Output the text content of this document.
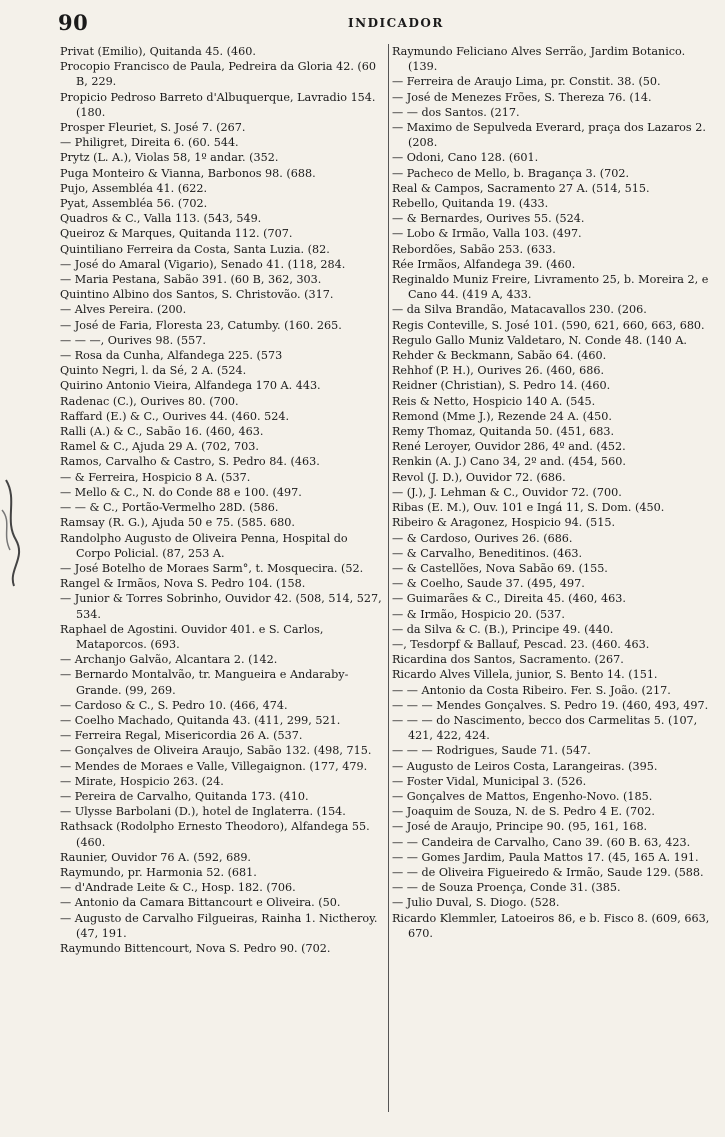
90	INDICADOR

Privat (Emilio), Quitanda 45. (460.

Procopio Francisco de Paula, Pedreira da Gloria 42. (60 B, 229.

Propicio Pedroso Barreto d'Albuquerque, Lavradio 154. (180.

Prosper Fleuriet, S. José 7. (267.

— Philigret, Direita 6. (60. 544.

Prytz (L. A.), Violas 58, 1º andar. (352.

Puga Monteiro & Vianna, Barbonos 98. (688.

Pujo, Assembléa 41. (622.

Pyat, Assembléa 56. (702.

Quadros & C., Valla 113. (543, 549.

Queiroz & Marques, Quitanda 112. (707.

Quintiliano Ferreira da Costa, Santa Luzia. (82.

— José do Amaral (Vigario), Senado 41. (118, 284.

— Maria Pestana, Sabão 391. (60 B, 362, 303.

Quintino Albino dos Santos, S. Christovão. (317.

— Alves Pereira. (200.

— José de Faria, Floresta 23, Catumby. (160. 265.

— — —, Ourives 98. (557.

— Rosa da Cunha, Alfandega 225. (573

Quinto Negri, l. da Sé, 2 A. (524.

Quirino Antonio Vieira, Alfandega 170 A. 443.

Radenac (C.), Ourives 80. (700.

Raffard (E.) & C., Ourives 44. (460. 524.

Ralli (A.) & C., Sabão 16. (460, 463.

Ramel & C., Ajuda 29 A. (702, 703.

Ramos, Carvalho & Castro, S. Pedro 84. (463.

— & Ferreira, Hospicio 8 A. (537.

— Mello & C., N. do Conde 88 e 100. (497.

— — & C., Portão-Vermelho 28D. (586.

Ramsay (R. G.), Ajuda 50 e 75. (585. 680.

Randolpho Augusto de Oliveira Penna, Hospital do Corpo Policial. (87, 253 A.

— José Botelho de Moraes Sarm°, t. Mosquecira. (52.

Rangel & Irmãos, Nova S. Pedro 104. (158.

— Junior & Torres Sobrinho, Ouvidor 42. (508, 514, 527, 534.

Raphael de Agostini. Ouvidor 401. e S. Carlos, Mataporcos. (693.

— Archanjo Galvão, Alcantara 2. (142.

— Bernardo Montalvão, tr. Mangueira e Andaraby-Grande. (99, 269.

— Cardoso & C., S. Pedro 10. (466, 474.

— Coelho Machado, Quitanda 43. (411, 299, 521.

— Ferreira Regal, Misericordia 26 A. (537.

— Gonçalves de Oliveira Araujo, Sabão 132. (498, 715.

— Mendes de Moraes e Valle, Villegaignon. (177, 479.

— Mirate, Hospicio 263. (24.

— Pereira de Carvalho, Quitanda 173. (410.

— Ulysse Barbolani (D.), hotel de Inglaterra. (154.

Rathsack (Rodolpho Ernesto Theodoro), Alfandega 55. (460.

Raunier, Ouvidor 76 A. (592, 689.

Raymundo, pr. Harmonia 52. (681.

— d'Andrade Leite & C., Hosp. 182. (706.

— Antonio da Camara Bittancourt e Oliveira. (50.

— Augusto de Carvalho Filgueiras, Rainha 1. Nictheroy. (47, 191.

Raymundo Bittencourt, Nova S. Pedro 90. (702.

Raymundo Feliciano Alves Serrão, Jardim Botanico. (139.

— Ferreira de Araujo Lima, pr. Constit. 38. (50.

— José de Menezes Frões, S. Thereza 76. (14.

— — dos Santos. (217.

— Maximo de Sepulveda Everard, praça dos Lazaros 2. (208.

— Odoni, Cano 128. (601.

— Pacheco de Mello, b. Bragança 3. (702.

Real & Campos, Sacramento 27 A. (514, 515.

Rebello, Quitanda 19. (433.

— & Bernardes, Ourives 55. (524.

— Lobo & Irmão, Valla 103. (497.

Rebordões, Sabão 253. (633.

Rée Irmãos, Alfandega 39. (460.

Reginaldo Muniz Freire, Livramento 25, b. Moreira 2, e Cano 44. (419 A, 433.

— da Silva Brandão, Matacavallos 230. (206.

Regis Conteville, S. José 101. (590, 621, 660, 663, 680.

Regulo Gallo Muniz Valdetaro, N. Conde 48. (140 A.

Rehder & Beckmann, Sabão 64. (460.

Rehhof (P. H.), Ourives 26. (460, 686.

Reidner (Christian), S. Pedro 14. (460.

Reis & Netto, Hospicio 140 A. (545.

Remond (Mme J.), Rezende 24 A. (450.

Remy Thomaz, Quitanda 50. (451, 683.

René Leroyer, Ouvidor 286, 4º and. (452.

Renkin (A. J.) Cano 34, 2º and. (454, 560.

Revol (J. D.), Ouvidor 72. (686.

— (J.), J. Lehman & C., Ouvidor 72. (700.

Ribas (E. M.), Ouv. 101 e Ingá 11, S. Dom. (450.

Ribeiro & Aragonez, Hospicio 94. (515.

— & Cardoso, Ourives 26. (686.

— & Carvalho, Beneditinos. (463.

— & Castellões, Nova Sabão 69. (155.

— & Coelho, Saude 37. (495, 497.

— Guimarães & C., Direita 45. (460, 463.

— & Irmão, Hospicio 20. (537.

— da Silva & C. (B.), Principe 49. (440.

—, Tesdorpf & Ballauf, Pescad. 23. (460. 463.

Ricardina dos Santos, Sacramento. (267.

Ricardo Alves Villela, junior, S. Bento 14. (151.

— — Antonio da Costa Ribeiro. Fer. S. João. (217.

— — — Mendes Gonçalves. S. Pedro 19. (460, 493, 497.

— — — do Nascimento, becco dos Carmelitas 5. (107, 421, 422, 424.

— — — Rodrigues, Saude 71. (547.

— Augusto de Leiros Costa, Larangeiras. (395.

— Foster Vidal, Municipal 3. (526.

— Gonçalves de Mattos, Engenho-Novo. (185.

— Joaquim de Souza, N. de S. Pedro 4 E. (702.

— José de Araujo, Principe 90. (95, 161, 168.

— — Candeira de Carvalho, Cano 39. (60 B. 63, 423.

— — Gomes Jardim, Paula Mattos 17. (45, 165 A. 191.

— — de Oliveira Figueiredo & Irmão, Saude 129. (588.

— — de Souza Proença, Conde 31. (385.

— Julio Duval, S. Diogo. (528.

Ricardo Klemmler, Latoeiros 86, e b. Fisco 8. (609, 663, 670.
